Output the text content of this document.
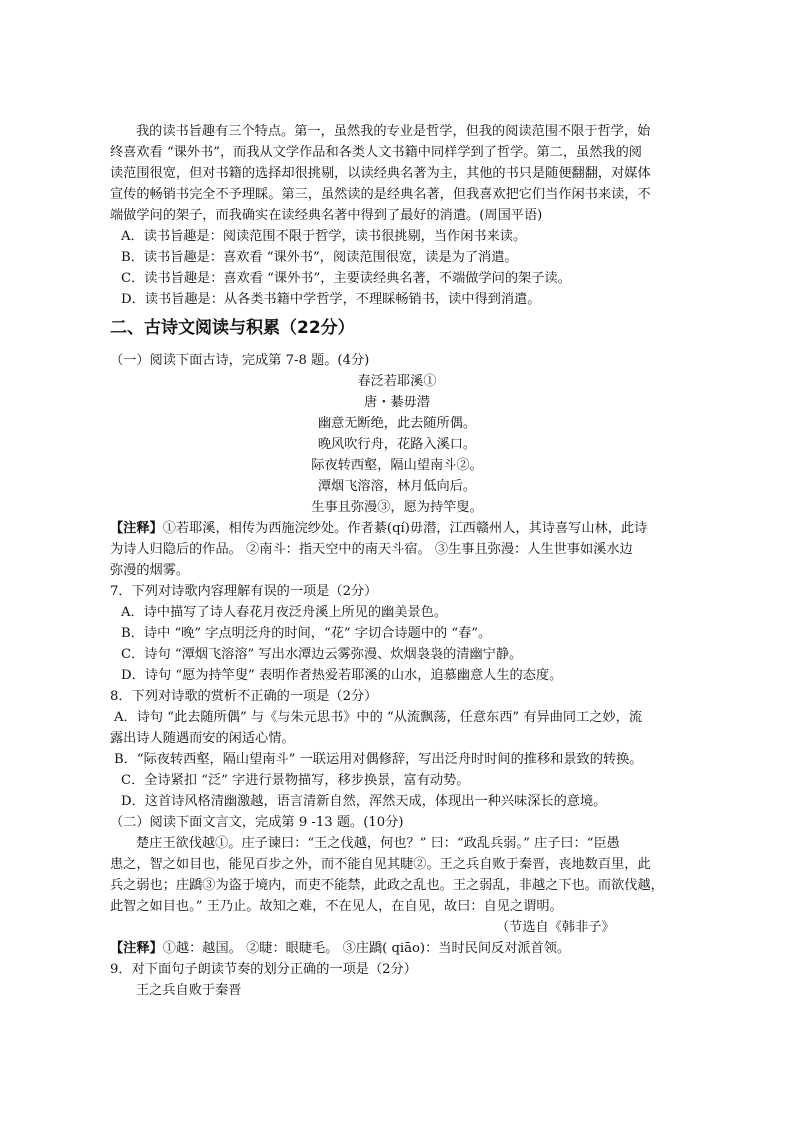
我的读书旨趣有三个特点。第一，虽然我的专业是哲学，但我的阅读范围不限于哲学，始
终喜欢看 “课外书”，而我从文学作品和各类人文书籍中同样学到了哲学。第二，虽然我的阅
读范围很宽，但对书籍的选择却很挑剔，以读经典名著为主，其他的书只是随便翻翻，对媒体
宣传的畅销书完全不予理睬。第三，虽然读的是经典名著，但我喜欢把它们当作闲书来读，不
端做学问的架子，而我确实在读经典名著中得到了最好的消遣。(周国平语)
A．读书旨趣是：阅读范围不限于哲学，读书很挑剔，当作闲书来读。
B．读书旨趣是：喜欢看 “课外书”，阅读范围很宽，读是为了消遣。
C．读书旨趣是：喜欢看 “课外书”，主要读经典名著，不端做学问的架子读。
D．读书旨趣是：从各类书籍中学哲学，不理睬畅销书，读中得到消遣。
二、古诗文阅读与积累（22分）
（一）阅读下面古诗，完成第 7-8 题。(4分)
春泛若耶溪①
唐・綦毋潜
幽意无断绝，此去随所偶。
晚风吹行舟，花路入溪口。
际夜转西壑，隔山望南斗②。
潭烟飞溶溶，林月低向后。
生事且弥漫③，愿为持竿叟。
【注释】①若耶溪，相传为西施浣纱处。作者綦(qí)毋潜，江西赣州人，其诗喜写山林，此诗
为诗人归隐后的作品。 ②南斗：指天空中的南天斗宿。 ③生事且弥漫：人生世事如溪水边
弥漫的烟雾。
7．下列对诗歌内容理解有误的一项是（2分）
A．诗中描写了诗人春花月夜泛舟溪上所见的幽美景色。
B．诗中 “晚” 字点明泛舟的时间，“花” 字切合诗题中的 “春”。
C．诗句 “潭烟飞溶溶” 写出水潭边云雾弥漫、炊烟袅袅的清幽宁静。
D．诗句 “愿为持竿叟” 表明作者热爱若耶溪的山水，追慕幽意人生的态度。
8．下列对诗歌的赏析不正确的一项是（2分）
A．诗句 “此去随所偶” 与《与朱元思书》中的 “从流飘荡，任意东西” 有异曲同工之妙，流
露出诗人随遇而安的闲适心情。
B．“际夜转西壑，隔山望南斗” 一联运用对偶修辞，写出泛舟时时间的推移和景致的转换。
C．全诗紧扣 “泛” 字进行景物描写，移步换景，富有动势。
D．这首诗风格清幽激越，语言清新自然，浑然天成，体现出一种兴味深长的意境。
（二）阅读下面文言文，完成第 9 -13 题。(10分)
楚庄王欲伐越①。庄子谏曰：“王之伐越，何也？” 曰：“政乱兵弱。” 庄子曰：“臣愚
患之，智之如目也，能见百步之外，而不能自见其睫②。王之兵自败于秦晋，丧地数百里，此
兵之弱也；庄蹻③为盗于境内，而吏不能禁，此政之乱也。王之弱乱，非越之下也。而欲伐越，
此智之如目也。” 王乃止。故知之难，不在见人，在自见，故曰：自见之谓明。
（节选自《韩非子》
【注释】①越：越国。 ②睫：眼睫毛。 ③庄蹻( qiāo)：当时民间反对派首领。
9．对下面句子朗读节奏的划分正确的一项是（2分）
王之兵自败于秦晋
